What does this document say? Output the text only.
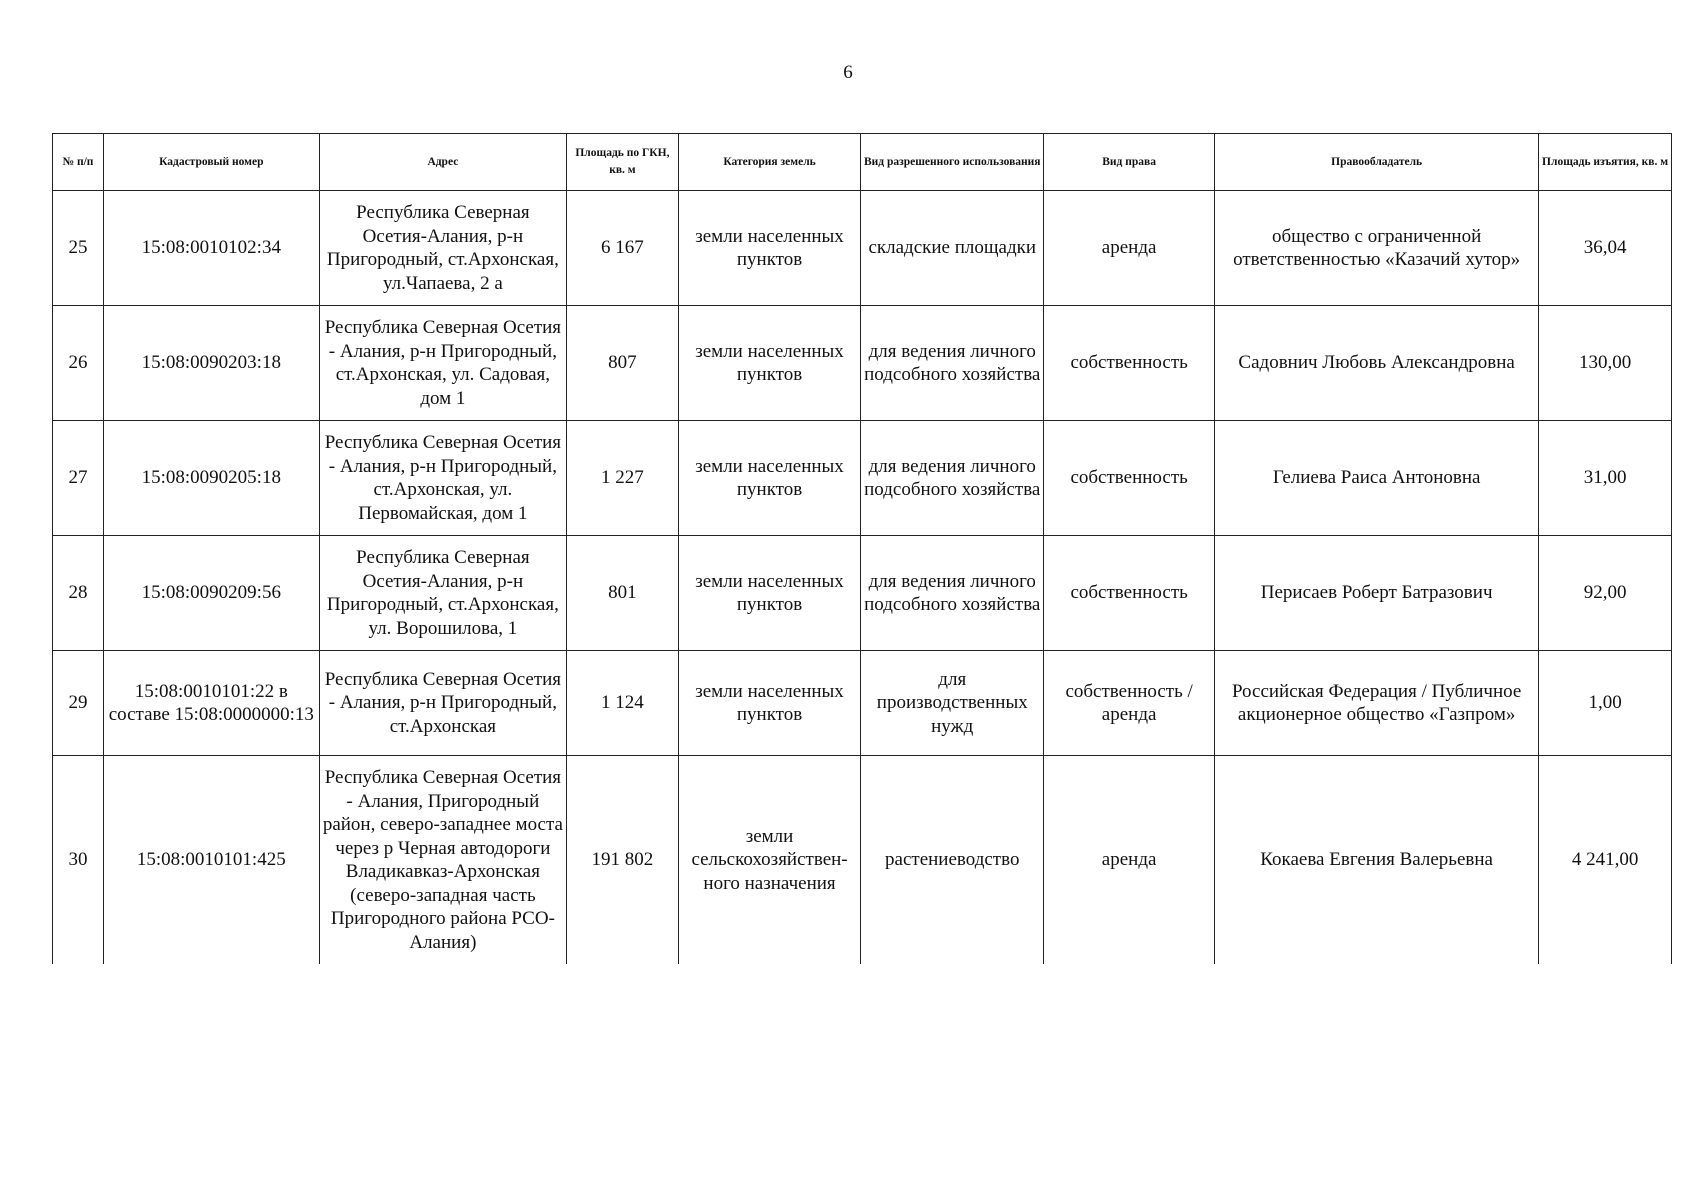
6
№ п/п	Кадастровый номер	Адрес	Площадь по ГКН, кв. м	Категория земель	Вид разрешенного использования	Вид права	Правообладатель	Площадь изъятия, кв. м
25	15:08:0010102:34	Республика Северная Осетия-Алания, р-н Пригородный, ст.Архонская, ул.Чапаева, 2 а	6 167	земли населенных пунктов	складские площадки	аренда	общество с ограниченной ответственностью «Казачий хутор»	36,04
26	15:08:0090203:18	Республика Северная Осетия - Алания, р-н Пригородный, ст.Архонская, ул. Садовая, дом 1	807	земли населенных пунктов	для ведения личного подсобного хозяйства	собственность	Садовнич Любовь Александровна	130,00
27	15:08:0090205:18	Республика Северная Осетия - Алания, р-н Пригородный, ст.Архонская, ул. Первомайская, дом 1	1 227	земли населенных пунктов	для ведения личного подсобного хозяйства	собственность	Гелиева Раиса Антоновна	31,00
28	15:08:0090209:56	Республика Северная Осетия-Алания, р-н Пригородный, ст.Архонская, ул. Ворошилова, 1	801	земли населенных пунктов	для ведения личного подсобного хозяйства	собственность	Перисаев Роберт Батразович	92,00
29	15:08:0010101:22 в составе 15:08:0000000:13	Республика Северная Осетия - Алания, р-н Пригородный, ст.Архонская	1 124	земли населенных пунктов	для производственных нужд	собственность / аренда	Российская Федерация / Публичное акционерное общество «Газпром»	1,00
30	15:08:0010101:425	Республика Северная Осетия - Алания, Пригородный район, северо-западнее моста через р Черная автодороги Владикавказ-Архонская (северо-западная часть Пригородного района РСО-Алания)	191 802	земли сельскохозяйствен-ного назначения	растениеводство	аренда	Кокаева Евгения Валерьевна	4 241,00
